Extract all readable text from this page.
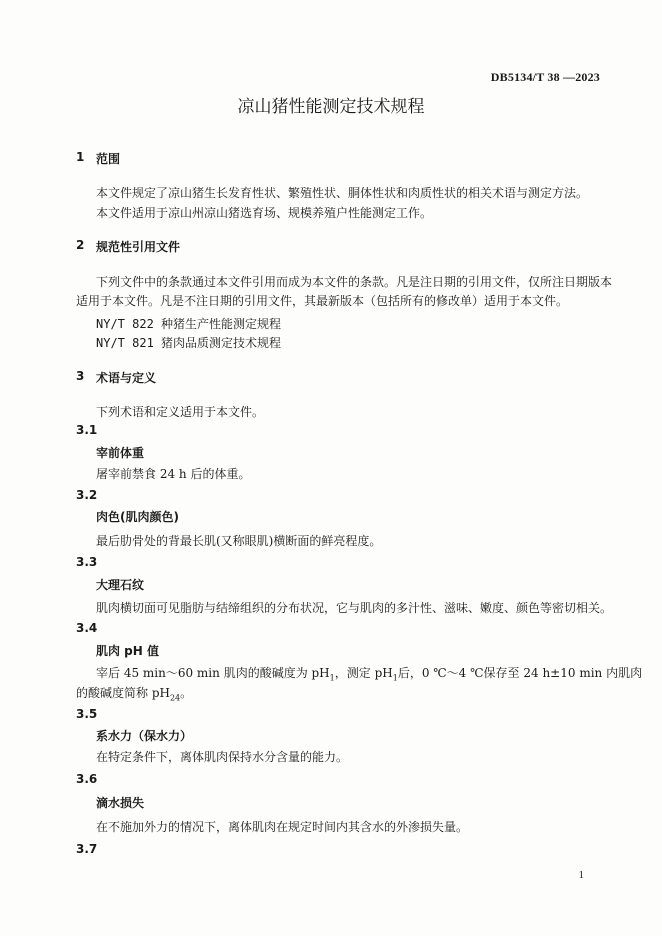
DB5134/T 38 —2023
凉山猪性能测定技术规程
1 范围
本文件规定了凉山猪生长发育性状、繁殖性状、胴体性状和肉质性状的相关术语与测定方法。
本文件适用于凉山州凉山猪选育场、规模养殖户性能测定工作。
2 规范性引用文件
下列文件中的条款通过本文件引用而成为本文件的条款。凡是注日期的引用文件，仅所注日期版本
适用于本文件。凡是不注日期的引用文件，其最新版本（包括所有的修改单）适用于本文件。
NY/T 822 种猪生产性能测定规程
NY/T 821 猪肉品质测定技术规程
3 术语与定义
下列术语和定义适用于本文件。
3.1
宰前体重
屠宰前禁食 24 h 后的体重。
3.2
肉色(肌肉颜色)
最后肋骨处的背最长肌(又称眼肌)横断面的鲜亮程度。
3.3
大理石纹
肌肉横切面可见脂肪与结缔组织的分布状况，它与肌肉的多汁性、滋味、嫩度、颜色等密切相关。
3.4
肌肉 pH 值
宰后 45 min～60 min 肌肉的酸碱度为 $pH_1$，测定 $pH_1$后，0 ℃～4 ℃保存至 24 h±10 min 内肌肉
的酸碱度简称 $pH_{24}$。
3.5
系水力（保水力）
在特定条件下，离体肌肉保持水分含量的能力。
3.6
滴水损失
在不施加外力的情况下，离体肌肉在规定时间内其含水的外渗损失量。
3.7
1
